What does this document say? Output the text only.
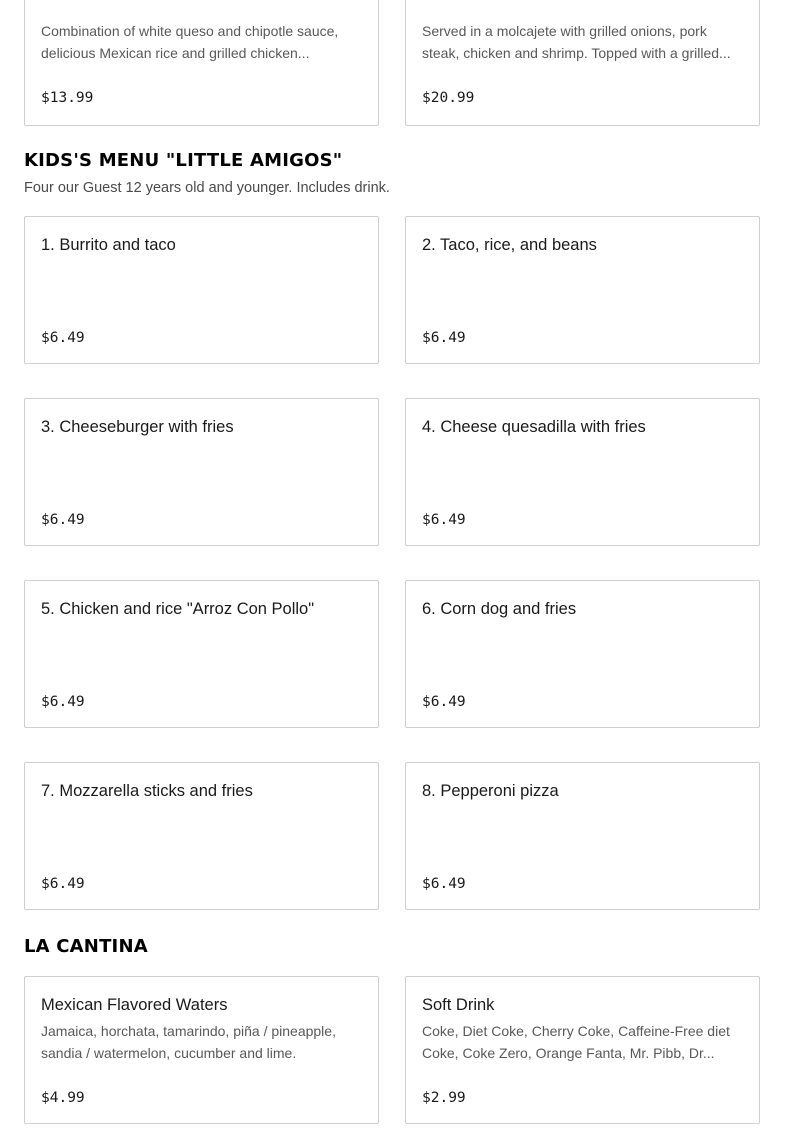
Combination of white queso and chipotle sauce, delicious Mexican rice and grilled chicken...
$13.99
Served in a molcajete with grilled onions, pork steak, chicken and shrimp. Topped with a grilled...
$20.99
KIDS'S MENU "LITTLE AMIGOS"

Four our Guest 12 years old and younger. Includes drink.

1. Burrito and taco
$6.49
2. Taco, rice, and beans
$6.49
3. Cheeseburger with fries
$6.49
4. Cheese quesadilla with fries
$6.49
5. Chicken and rice "Arroz Con Pollo"
$6.49
6. Corn dog and fries
$6.49
7. Mozzarella sticks and fries
$6.49
8. Pepperoni pizza
$6.49
LA CANTINA
Mexican Flavored Waters
Jamaica, horchata, tamarindo, piña / pineapple, sandia / watermelon, cucumber and lime.
$4.99
Soft Drink
Coke, Diet Coke, Cherry Coke, Caffeine-Free diet Coke, Coke Zero, Orange Fanta, Mr. Pibb, Dr...
$2.99
